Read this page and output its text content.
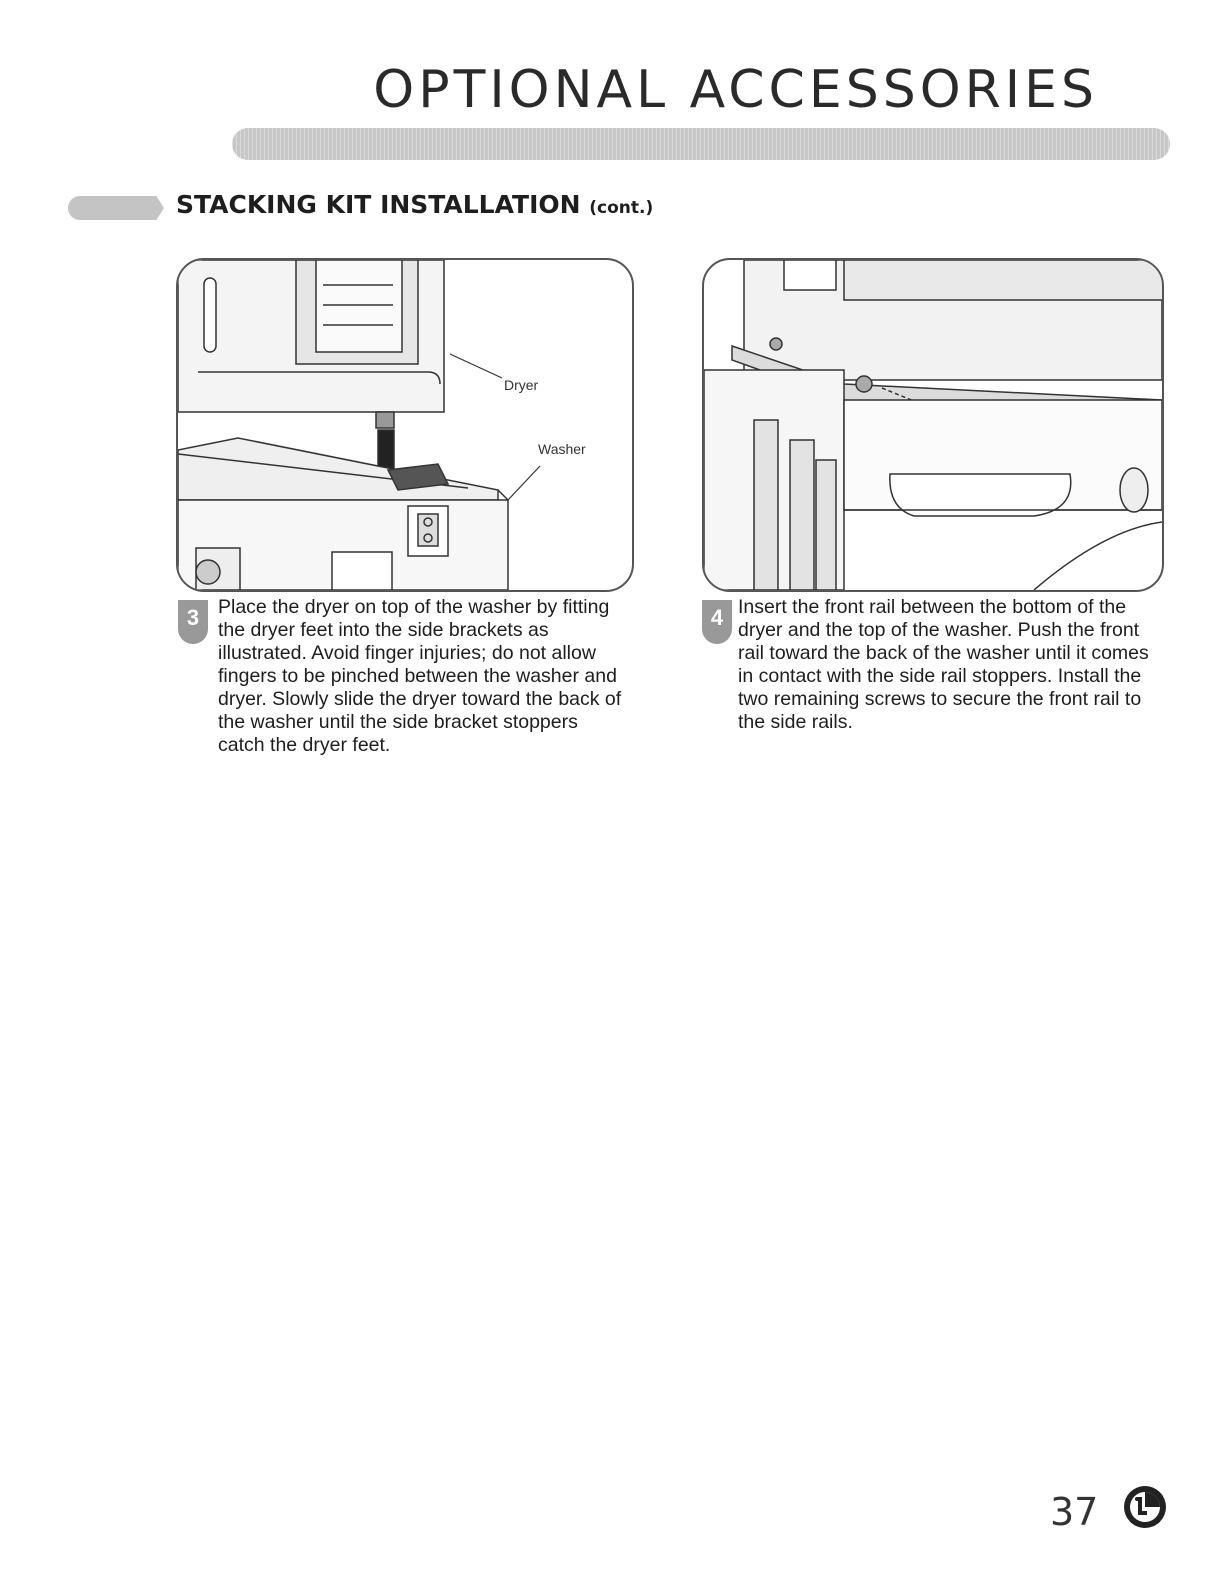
OPTIONAL ACCESSORIES
STACKING KIT INSTALLATION (cont.)
Dryer
Washer
3 Place the dryer on top of the washer by fitting the dryer feet into the side brackets as illustrated. Avoid finger injuries; do not allow fingers to be pinched between the washer and dryer. Slowly slide the dryer toward the back of the washer until the side bracket stoppers catch the dryer feet.
4 Insert the front rail between the bottom of the dryer and the top of the washer. Push the front rail toward the back of the washer until it comes in contact with the side rail stoppers. Install the two remaining screws to secure the front rail to the side rails.
37
